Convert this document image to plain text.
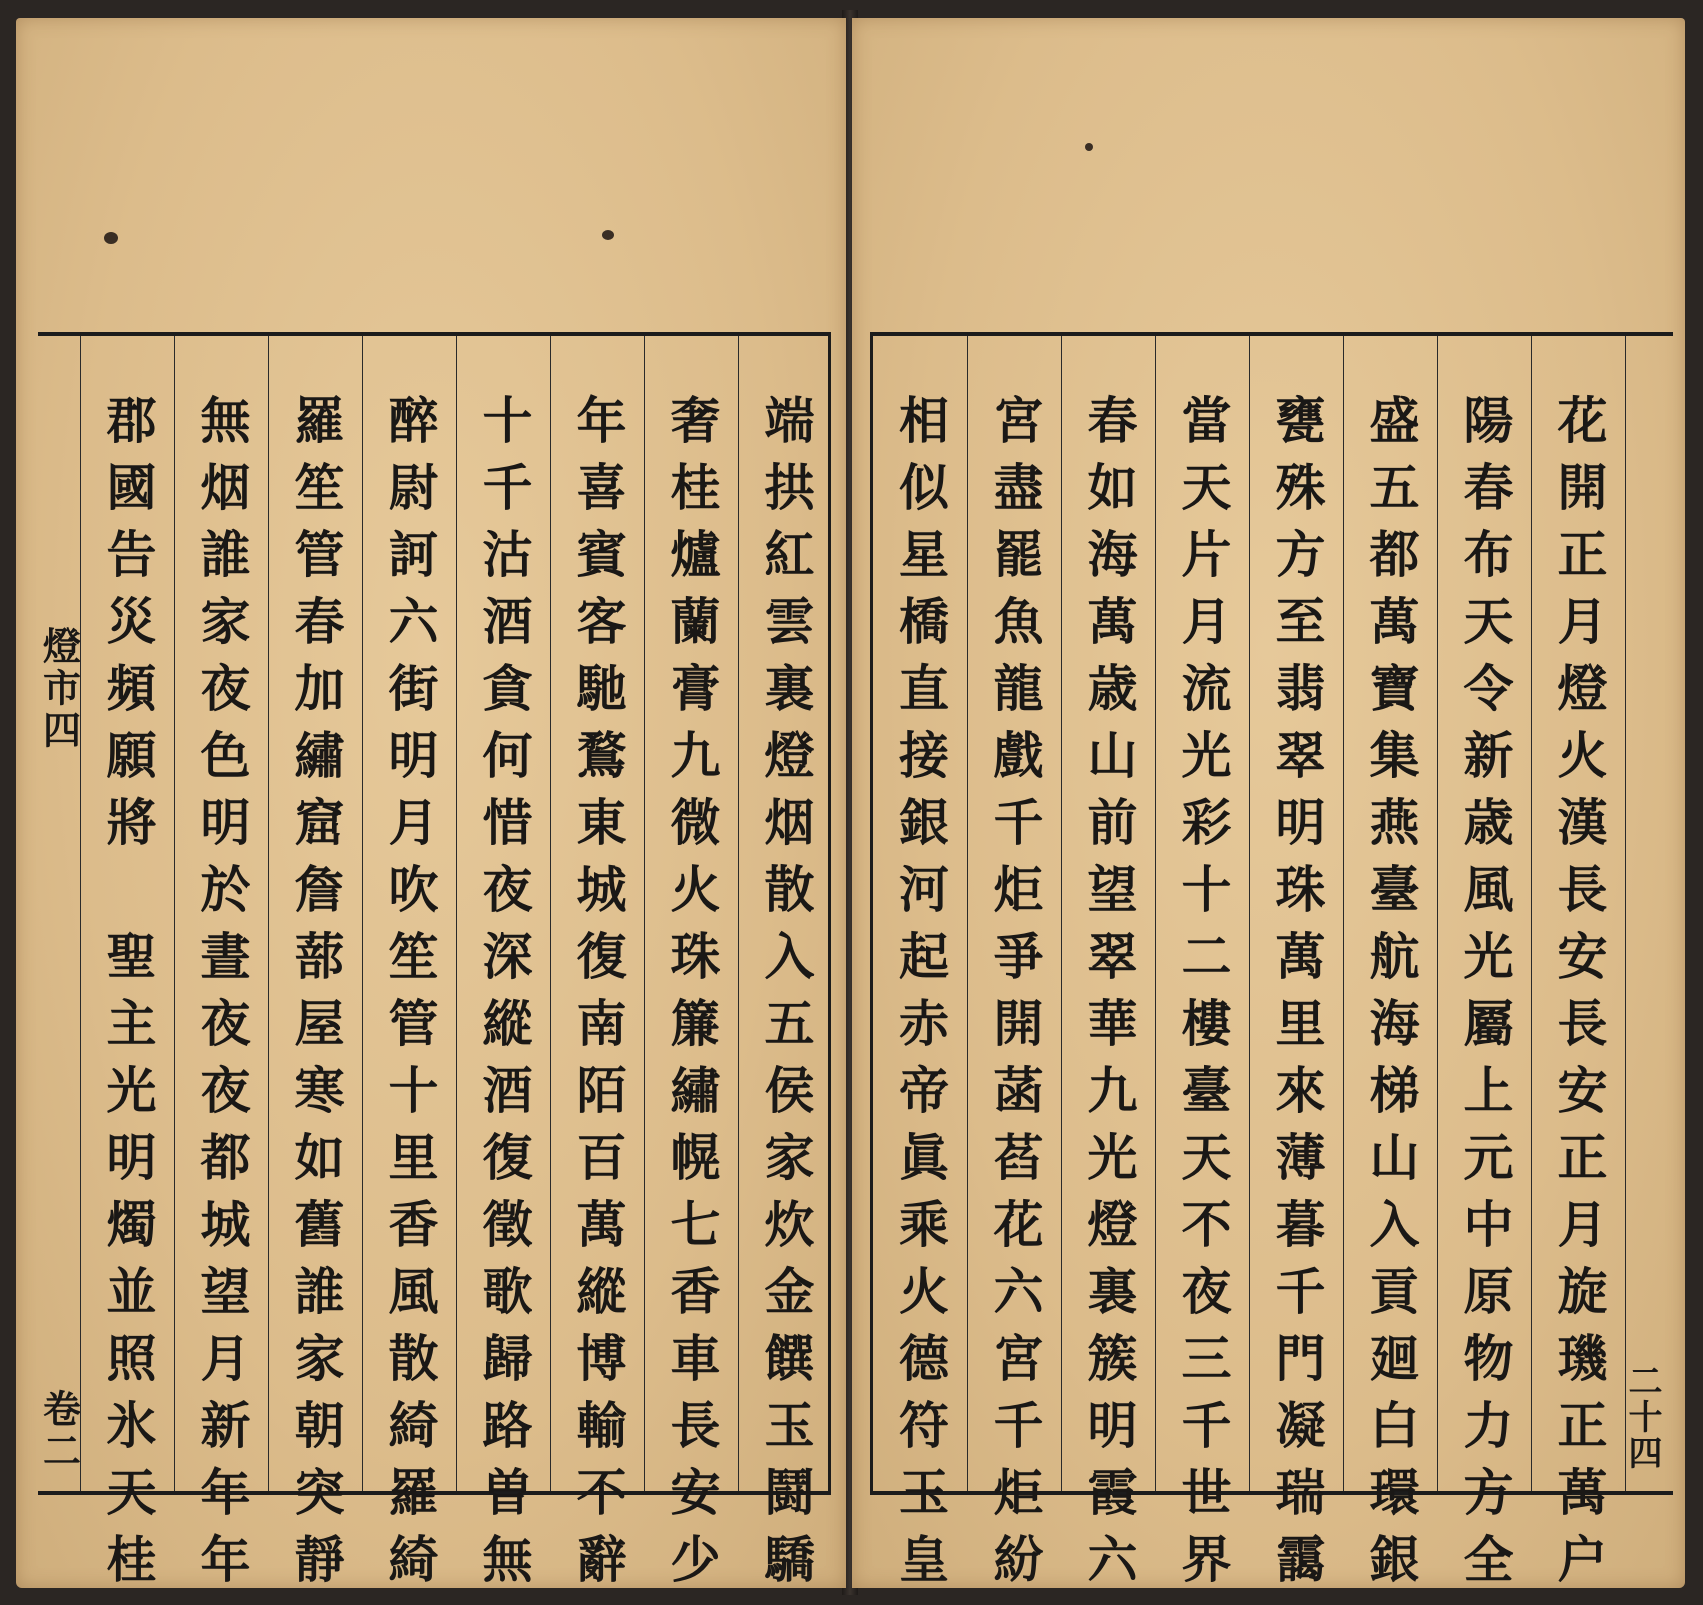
燈市四
卷二 郡國告災頻願將　聖主光明燭並照氷天桂 無烟誰家夜色明於晝夜夜都城望月新年年 羅笙管春加繡窟詹蔀屋寒如舊誰家朝突靜 醉尉訶六街明月吹笙管十里香風散綺羅綺 十千沽酒貪何惜夜深縱酒復徵歌歸路曽無 年喜賓客馳鶩東城復南陌百萬縱博輸不辭 奢桂爐蘭膏九微火珠簾繡幌七香車長安少 端拱紅雲裏燈烟散入五侯家炊金饌玉鬪驕 相似星橋直接銀河起赤帝眞乘火德符玉皇 宮盡罷魚龍戲千炬爭開菡萏花六宮千炬紛 春如海萬歳山前望翠華九光燈裏簇明霞六 當天片月流光彩十二樓臺天不夜三千世界 甕殊方至翡翠明珠萬里來薄暮千門凝瑞靄 盛五都萬寶集燕臺航海梯山入貢廻白環銀 陽春布天令新歳風光屬上元中原物力方全 花開正月燈火漢長安長安正月旋璣正萬户 二十四
